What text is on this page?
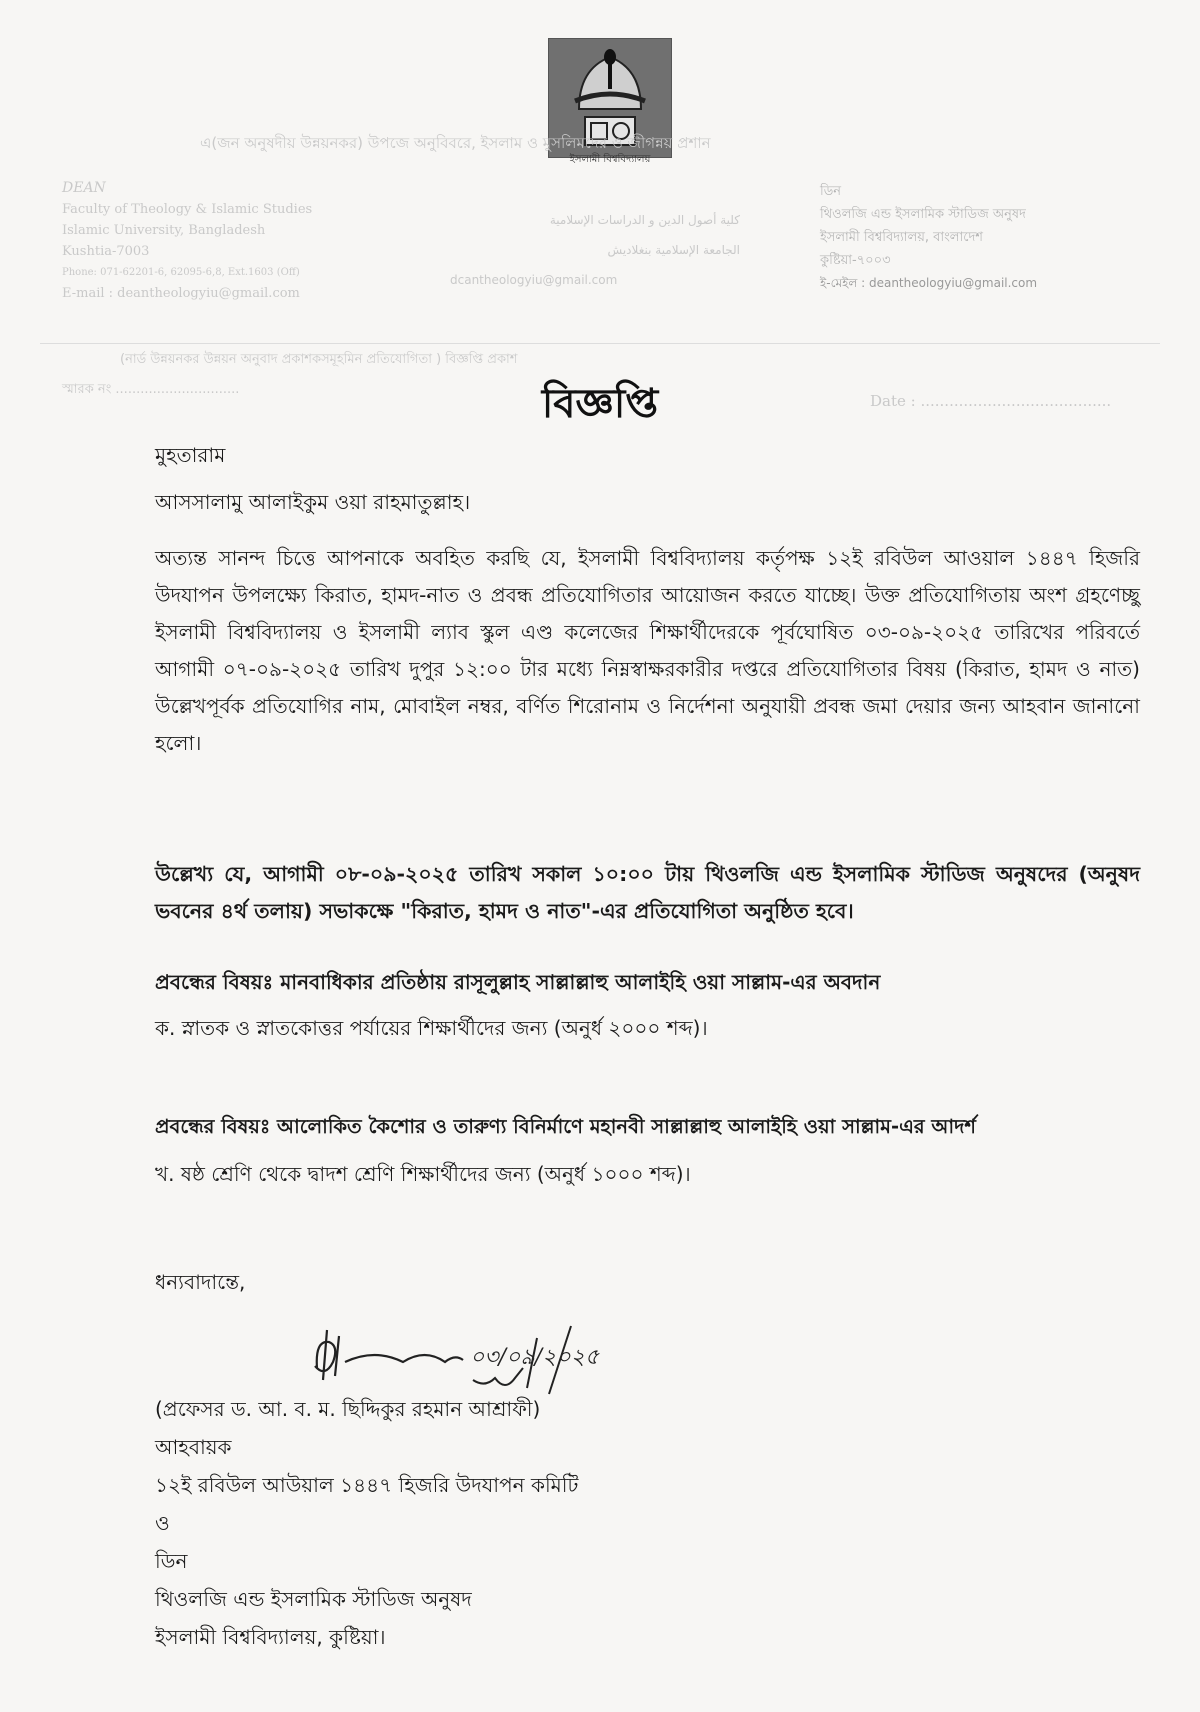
ইসলামী বিশ্ববিদ্যালয়
এ(জন অনুষদীয় উন্নয়নকর) উপজে অনুবিবরে, ইসলাম ও মুসলিমদের ও জীগন্নয় প্রশান
DEAN
Faculty of Theology & Islamic Studies
Islamic University, Bangladesh
Kushtia-7003
Phone: 071-62201-6, 62095-6,8, Ext.1603 (Off)
E-mail : deantheologyiu@gmail.com
كلية أصول الدين و الدراسات الإسلامية
الجامعة الإسلامية بنغلاديش
dcantheologyiu@gmail.com
ডিন
থিওলজি এন্ড ইসলামিক স্টাডিজ অনুষদ
ইসলামী বিশ্ববিদ্যালয়, বাংলাদেশ
কুষ্টিয়া-৭০০৩
ই-মেইল : deantheologyiu@gmail.com
(নার্ড উন্নয়নকর উন্নয়ন অনুবাদ প্রকাশকসমূহমিন প্রতিযোগিতা ) বিজ্ঞপ্তি প্রকাশ
স্মারক নং ..............................
Date : ........................................
বিজ্ঞপ্তি
মুহতারাম
আসসালামু আলাইকুম ওয়া রাহমাতুল্লাহ।
অত্যন্ত সানন্দ চিত্তে আপনাকে অবহিত করছি যে, ইসলামী বিশ্ববিদ্যালয় কর্তৃপক্ষ ১২ই রবিউল আওয়াল ১৪৪৭ হিজরি উদযাপন উপলক্ষ্যে কিরাত, হামদ-নাত ও প্রবন্ধ প্রতিযোগিতার আয়োজন করতে যাচ্ছে। উক্ত প্রতিযোগিতায় অংশ গ্রহণেচ্ছু ইসলামী বিশ্ববিদ্যালয় ও ইসলামী ল্যাব স্কুল এণ্ড কলেজের শিক্ষার্থীদেরকে পূর্বঘোষিত ০৩-০৯-২০২৫ তারিখের পরিবর্তে আগামী ০৭-০৯-২০২৫ তারিখ দুপুর ১২:০০ টার মধ্যে নিম্নস্বাক্ষরকারীর দপ্তরে প্রতিযোগিতার বিষয় (কিরাত, হামদ ও নাত) উল্লেখপূর্বক প্রতিযোগির নাম, মোবাইল নম্বর, বর্ণিত শিরোনাম ও নির্দেশনা অনুযায়ী প্রবন্ধ জমা দেয়ার জন্য আহবান জানানো হলো।
উল্লেখ্য যে, আগামী ০৮-০৯-২০২৫ তারিখ সকাল ১০:০০ টায় থিওলজি এন্ড ইসলামিক স্টাডিজ অনুষদের (অনুষদ ভবনের ৪র্থ তলায়) সভাকক্ষে "কিরাত, হামদ ও নাত"-এর প্রতিযোগিতা অনুষ্ঠিত হবে।
প্রবন্ধের বিষয়ঃ মানবাধিকার প্রতিষ্ঠায় রাসূলুল্লাহ সাল্লাল্লাহু আলাইহি ওয়া সাল্লাম-এর অবদান
ক. স্নাতক ও স্নাতকোত্তর পর্যায়ের শিক্ষার্থীদের জন্য (অনুর্ধ ২০০০ শব্দ)।
প্রবন্ধের বিষয়ঃ আলোকিত কৈশোর ও তারুণ্য বিনির্মাণে মহানবী সাল্লাল্লাহু আলাইহি ওয়া সাল্লাম-এর আদর্শ
খ. ষষ্ঠ শ্রেণি থেকে দ্বাদশ শ্রেণি শিক্ষার্থীদের জন্য (অনুর্ধ ১০০০ শব্দ)।
ধন্যবাদান্তে,
০৩/০৯/২০২৫
(প্রফেসর ড. আ. ব. ম. ছিদ্দিকুর রহমান আশ্রাফী)
আহবায়ক
১২ই রবিউল আউয়াল ১৪৪৭ হিজরি উদযাপন কমিটি
ও
ডিন
থিওলজি এন্ড ইসলামিক স্টাডিজ অনুষদ
ইসলামী বিশ্ববিদ্যালয়, কুষ্টিয়া।
